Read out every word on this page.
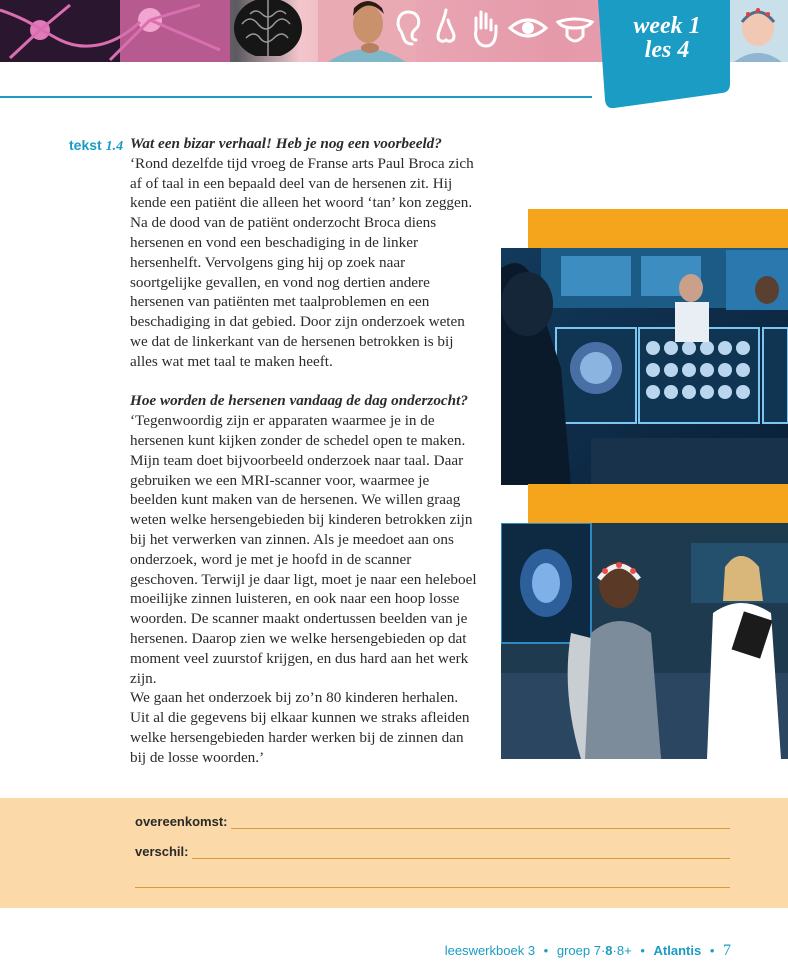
week 1
les 4
tekst 1.4 Wat een bizar verhaal! Heb je nog een voorbeeld?
‘Rond dezelfde tijd vroeg de Franse arts Paul Broca zich af of taal in een bepaald deel van de hersenen zit. Hij kende een patiënt die alleen het woord ‘tan’ kon zeggen. Na de dood van de patiënt onderzocht Broca diens hersenen en vond een beschadiging in de linker hersenhelft. Vervolgens ging hij op zoek naar soortgelijke gevallen, en vond nog dertien andere hersenen van patiënten met taalproblemen en een beschadiging in dat gebied. Door zijn onderzoek weten we dat de linkerkant van de hersenen betrokken is bij alles wat met taal te maken heeft.
Hoe worden de hersenen vandaag de dag onderzocht?
‘Tegenwoordig zijn er apparaten waarmee je in de hersenen kunt kijken zonder de schedel open te maken. Mijn team doet bijvoorbeeld onderzoek naar taal. Daar gebruiken we een MRI-scanner voor, waarmee je beelden kunt maken van de hersenen. We willen graag weten welke hersengebieden bij kinderen betrokken zijn bij het verwerken van zinnen. Als je meedoet aan ons onderzoek, word je met je hoofd in de scanner geschoven. Terwijl je daar ligt, moet je naar een heleboel moeilijke zinnen luisteren, en ook naar een hoop losse woorden. De scanner maakt ondertussen beelden van je hersenen. Daarop zien we welke hersengebieden op dat moment veel zuurstof krijgen, en dus hard aan het werk zijn.
We gaan het onderzoek bij zo’n 80 kinderen herhalen. Uit al die gegevens bij elkaar kunnen we straks afleiden welke hersengebieden harder werken bij de zinnen dan bij de losse woorden.’
overeenkomst:
verschil:
leeswerkboek 3 • groep 7·8·8+ • Atlantis • 7
